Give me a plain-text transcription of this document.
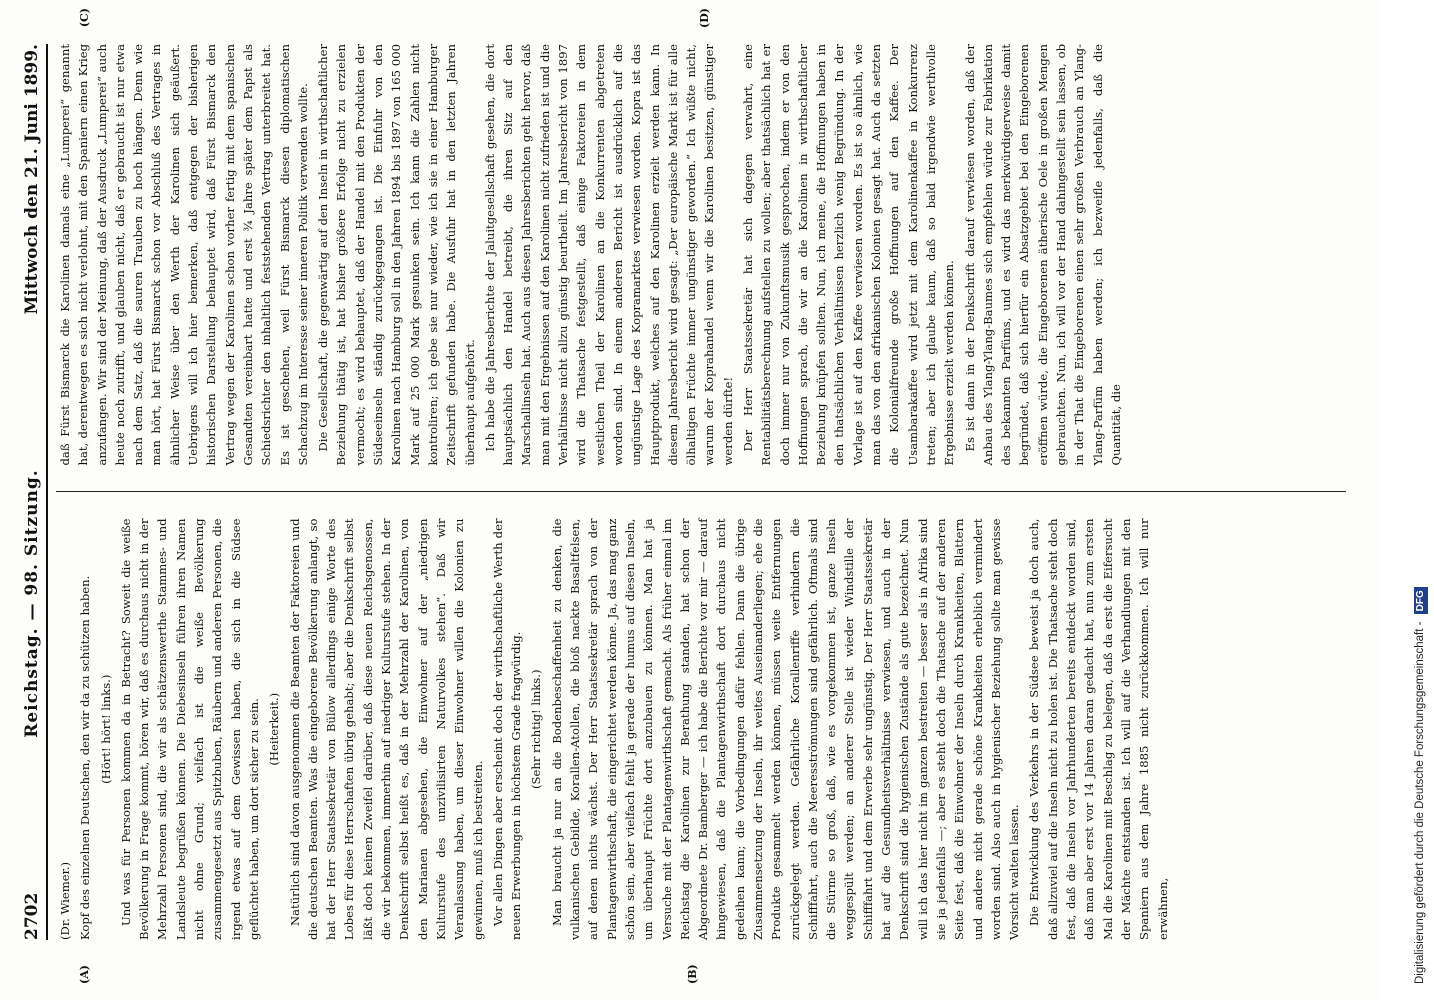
2702
Reichstag. — 98. Sitzung.
Mittwoch den 21. Juni 1899.
(A)	(B)

(Dr. Wiemer.) Kopf des einzelnen Deutschen, den wir da zu schützen haben. (Hört! hört! links.) Und was für Personen kommen da in Betracht? Soweit die weiße Bevölkerung in Frage kommt, hören wir, daß es durchaus nicht in der Mehrzahl Personen sind, die wir als schätzenswerthe Stammes- und Landsleute begrüßen können. Die Diebesinseln führen ihren Namen nicht ohne Grund; vielfach ist die weiße Bevölkerung zusammengesetzt aus Spitzbuben, Räubern und anderen Personen, die irgend etwas auf dem Gewissen haben, die sich in die Südsee geflüchtet haben, um dort sicher zu sein. (Heiterkeit.) Natürlich sind davon ausgenommen die Beamten der Faktoreien und die deutschen Beamten. Was die eingeborene Bevölkerung anlangt, so hat der Herr Staatssekretär von Bülow allerdings einige Worte des Lobes für diese Herrschaften übrig gehabt; aber die Denkschrift selbst läßt doch keinen Zweifel darüber, daß diese neuen Reichsgenossen, die wir bekommen, immerhin auf niedriger Kulturstufe stehen. In der Denkschrift selbst heißt es, daß in der Mehrzahl der Karolinen, von den Marianen abgesehen, die Einwohner auf der „niedrigen Kulturstufe des unzivilisirten Naturvolkes stehen“. Daß wir Veranlassung haben, um dieser Einwohner willen die Kolonien zu gewinnen, muß ich bestreiten. Vor allen Dingen aber erscheint doch der wirthschaftliche Werth der neuen Erwerbungen in höchstem Grade fragwürdig. (Sehr richtig! links.) Man braucht ja nur an die Bodenbeschaffenheit zu denken, die vulkanischen Gebilde, Korallen-Atollen, die bloß nackte Basaltfelsen, auf denen nichts wächst. Der Herr Staatssekretär sprach von der Plantagenwirthschaft, die eingerichtet werden könne. Ja, das mag ganz schön sein, aber vielfach fehlt ja gerade der humus auf diesen Inseln, um überhaupt Früchte dort anzubauen zu können. Man hat ja Versuche mit der Plantagenwirthschaft gemacht. Als früher einmal im Reichstag die Karolinen zur Berathung standen, hat schon der Abgeordnete Dr. Bamberger — ich habe die Berichte vor mir — darauf hingewiesen, daß die Plantagenwirthschaft dort durchaus nicht gedeihen kann; die Vorbedingungen dafür fehlen. Dann die übrige Zusammensetzung der Inseln, ihr weites Auseinanderliegen; ehe die Produkte gesammelt werden können, müssen weite Entfernungen zurückgelegt werden. Gefährliche Korallenriffe verhindern die Schifffahrt, auch die Meeresströmungen sind gefährlich. Oftmals sind die Stürme so groß, daß, wie es vorgekommen ist, ganze Inseln weggespült werden; an anderer Stelle ist wieder Windstille der Schifffahrt und dem Erwerbe sehr ungünstig. Der Herr Staatssekretär hat auf die Gesundheitsverhältnisse verwiesen, und auch in der Denkschrift sind die hygienischen Zustände als gute bezeichnet. Nun will ich das hier nicht im ganzen bestreiten — besser als in Afrika sind sie ja jedenfalls —; aber es steht doch die Thatsache auf der anderen Seite fest, daß die Einwohner der Inseln durch Krankheiten, Blattern und andere nicht gerade schöne Krankheiten erheblich vermindert worden sind. Also auch in hygienischer Beziehung sollte man gewisse Vorsicht walten lassen. Die Entwicklung des Verkehrs in der Südsee beweist ja doch auch, daß allzuviel auf die Inseln nicht zu holen ist. Die Thatsache steht doch fest, daß die Inseln vor Jahrhunderten bereits entdeckt worden sind, daß man aber erst vor 14 Jahren daran gedacht hat, nun zum ersten Mal die Karolinen mit Beschlag zu belegen, daß da erst die Eifersucht der Mächte entstanden ist. Ich will auf die Verhandlungen mit den Spaniern aus dem Jahre 1885 nicht zurückkommen. Ich will nur erwähnen,

(C)	(D)

daß Fürst Bismarck die Karolinen damals eine „Lumperei“ genannt hat, derentwegen es sich nicht verlohnt, mit den Spaniern einen Krieg anzufangen. Wir sind der Meinung, daß der Ausdruck „Lumperei“ auch heute noch zutrifft, und glauben nicht, daß er gebraucht ist nur etwa nach dem Satz, daß die sauren Trauben zu hoch hängen. Denn wie man hört, hat Fürst Bismarck schon vor Abschluß des Vertrages in ähnlicher Weise über den Werth der Karolinen sich geäußert. Uebrigens will ich hier bemerken, daß entgegen der bisherigen historischen Darstellung behauptet wird, daß Fürst Bismarck den Vertrag wegen der Karolinen schon vorher fertig mit dem spanischen Gesandten vereinbart hatte und erst ¾ Jahre später dem Papst als Schiedsrichter den inhaltlich feststehenden Vertrag unterbreitet hat. Es ist geschehen, weil Fürst Bismarck diesen diplomatischen Schachzug im Interesse seiner inneren Politik verwenden wollte. Die Gesellschaft, die gegenwärtig auf den Inseln in wirthschaftlicher Beziehung thätig ist, hat bisher größere Erfolge nicht zu erzielen vermocht; es wird behauptet, daß der Handel mit den Produkten der Südseeinseln ständig zurückgegangen ist. Die Einfuhr von den Karolinen nach Hamburg soll in den Jahren 1894 bis 1897 von 165 000 Mark auf 25 000 Mark gesunken sein. Ich kann die Zahlen nicht kontroliren; ich gebe sie nur wieder, wie ich sie in einer Hamburger Zeitschrift gefunden habe. Die Ausfuhr hat in den letzten Jahren überhaupt aufgehört. Ich habe die Jahresberichte der Jaluitgesellschaft gesehen, die dort hauptsächlich den Handel betreibt, die ihren Sitz auf den Marschallinseln hat. Auch aus diesen Jahresberichten geht hervor, daß man mit den Ergebnissen auf den Karolinen nicht zufrieden ist und die Verhältnisse nicht allzu günstig beurtheilt. Im Jahresbericht von 1897 wird die Thatsache festgestellt, daß einige Faktoreien in dem westlichen Theil der Karolinen an die Konkurrenten abgetreten worden sind. In einem anderen Bericht ist ausdrücklich auf die ungünstige Lage des Kopramarktes verwiesen worden. Kopra ist das Hauptprodukt, welches auf den Karolinen erzielt werden kann. In diesem Jahresbericht wird gesagt: „Der europäische Markt ist für alle ölhaltigen Früchte immer ungünstiger geworden.“ Ich wüßte nicht, warum der Koprahandel wenn wir die Karolinen besitzen, günstiger werden dürfte! Der Herr Staatssekretär hat sich dagegen verwahrt, eine Rentabilitätsberechnung aufstellen zu wollen; aber thatsächlich hat er doch immer nur von Zukunftsmusik gesprochen, indem er von den Hoffnungen sprach, die wir an die Karolinen in wirthschaftlicher Beziehung knüpfen sollten. Nun, ich meine, die Hoffnungen haben in den thatsächlichen Verhältnissen herzlich wenig Begründung. In der Vorlage ist auf den Kaffee verwiesen worden. Es ist so ähnlich, wie man das von den afrikanischen Kolonien gesagt hat. Auch da setzten die Kolonialfreunde große Hoffnungen auf den Kaffee. Der Usambarakaffee wird jetzt mit dem Karolinenkaffee in Konkurrenz treten; aber ich glaube kaum, daß so bald irgendwie werthvolle Ergebnisse erzielt werden können. Es ist dann in der Denkschrift darauf verwiesen worden, daß der Anbau des Ylang-Ylang-Baumes sich empfehlen würde zur Fabrikation des bekannten Parfüms, und es wird das merkwürdigerweise damit begründet, daß sich hierfür ein Absatzgebiet bei den Eingeborenen eröffnen würde, die Eingeborenen ätherische Oele in großen Mengen gebrauchten. Nun, ich will vor der Hand dahingestellt sein lassen, ob in der That die Eingeborenen einen sehr großen Verbrauch an Ylang-Ylang-Parfüm haben werden; ich bezweifle jedenfalls, daß die Quantität, die

Digitalisierung gefördert durch die Deutsche Forschungsgemeinschaft - DFG
